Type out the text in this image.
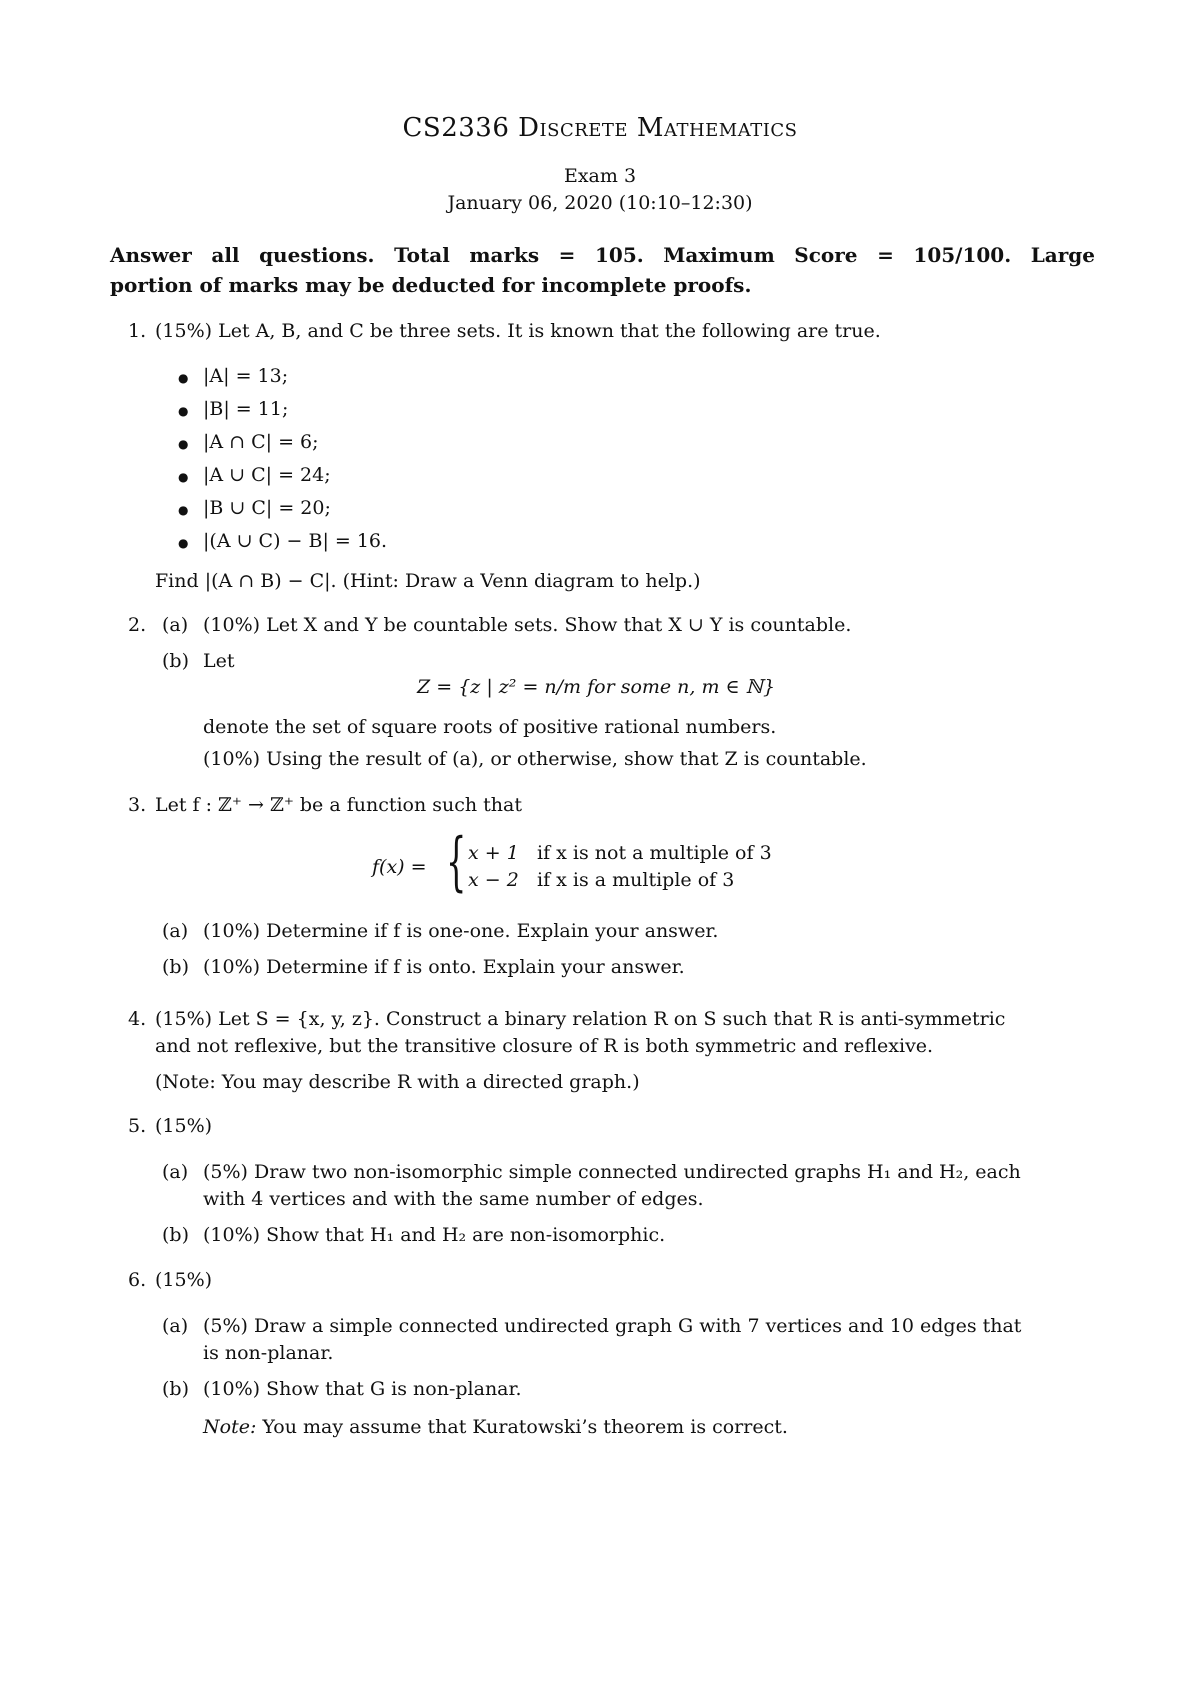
CS2336 Discrete Mathematics
Exam 3
January 06, 2020 (10:10–12:30)
Answer all questions. Total marks = 105. Maximum Score = 105/100. Large
portion of marks may be deducted for incomplete proofs.
1. (15%) Let A, B, and C be three sets. It is known that the following are true.
● |A| = 13;
● |B| = 11;
● |A ∩ C| = 6;
● |A ∪ C| = 24;
● |B ∪ C| = 20;
● |(A ∪ C) − B| = 16.
Find |(A ∩ B) − C|. (Hint: Draw a Venn diagram to help.)
2. (a) (10%) Let X and Y be countable sets. Show that X ∪ Y is countable.
(b) Let
Z = {z | z² = n/m for some n, m ∈ ℕ}
denote the set of square roots of positive rational numbers.
(10%) Using the result of (a), or otherwise, show that Z is countable.
3. Let f : ℤ⁺ → ℤ⁺ be a function such that
f(x) = { x + 1 if x is not a multiple of 3
x − 2 if x is a multiple of 3
(a) (10%) Determine if f is one-one. Explain your answer.
(b) (10%) Determine if f is onto. Explain your answer.
4. (15%) Let S = {x, y, z}. Construct a binary relation R on S such that R is anti-symmetric
and not reflexive, but the transitive closure of R is both symmetric and reflexive.
(Note: You may describe R with a directed graph.)
5. (15%)
(a) (5%) Draw two non-isomorphic simple connected undirected graphs H₁ and H₂, each
with 4 vertices and with the same number of edges.
(b) (10%) Show that H₁ and H₂ are non-isomorphic.
6. (15%)
(a) (5%) Draw a simple connected undirected graph G with 7 vertices and 10 edges that
is non-planar.
(b) (10%) Show that G is non-planar.
Note: You may assume that Kuratowski’s theorem is correct.
